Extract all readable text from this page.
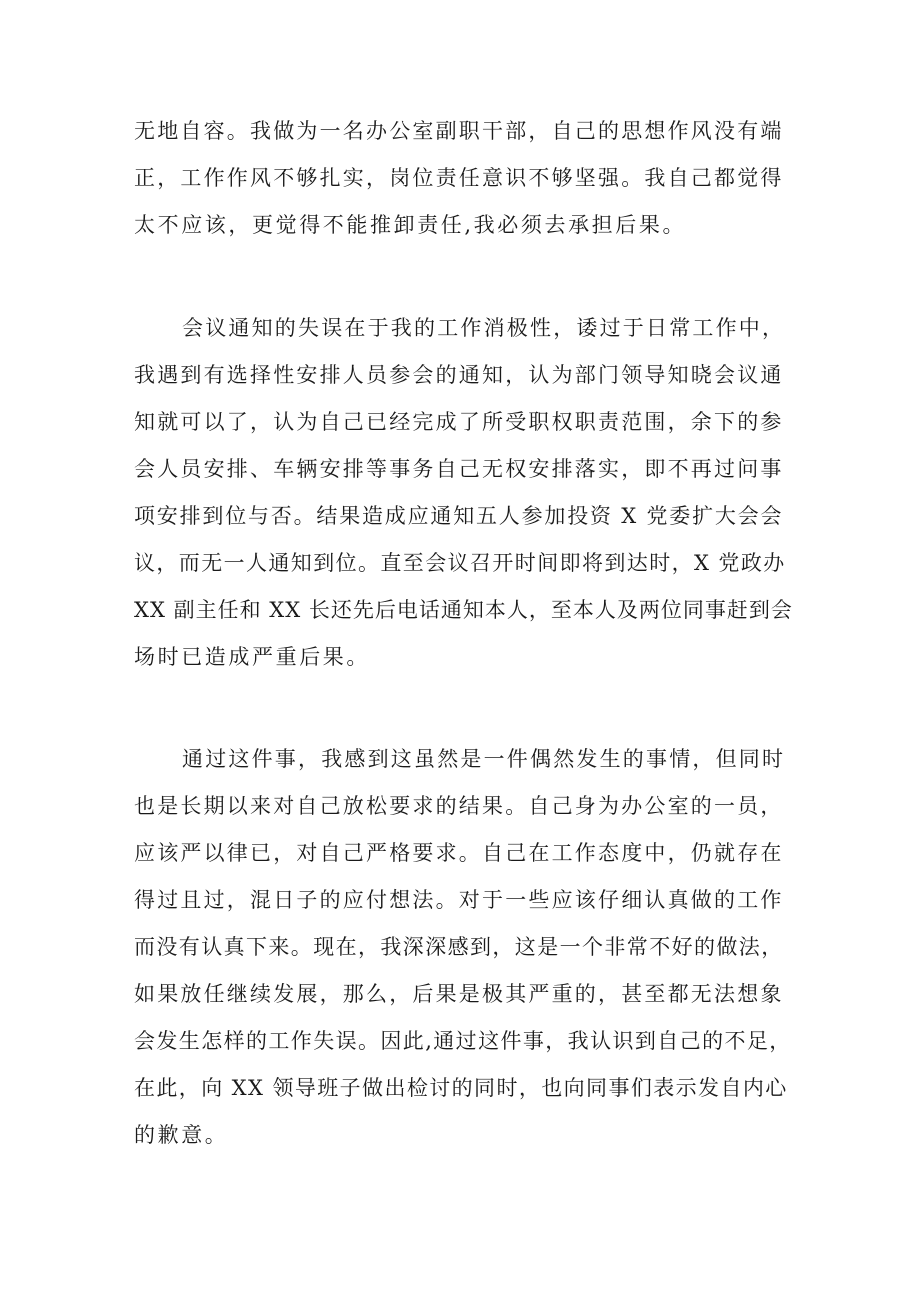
无地自容。我做为一名办公室副职干部，自己的思想作风没有端
正，工作作风不够扎实，岗位责任意识不够坚强。我自己都觉得
太不应该，更觉得不能推卸责任,我必须去承担后果。
会议通知的失误在于我的工作消极性，诿过于日常工作中，
我遇到有选择性安排人员参会的通知，认为部门领导知晓会议通
知就可以了，认为自己已经完成了所受职权职责范围，余下的参
会人员安排、车辆安排等事务自己无权安排落实，即不再过问事
项安排到位与否。结果造成应通知五人参加投资 X 党委扩大会会
议，而无一人通知到位。直至会议召开时间即将到达时，X 党政办
XX 副主任和 XX 长还先后电话通知本人，至本人及两位同事赶到会
场时已造成严重后果。
通过这件事，我感到这虽然是一件偶然发生的事情，但同时
也是长期以来对自己放松要求的结果。自己身为办公室的一员，
应该严以律已，对自己严格要求。自己在工作态度中，仍就存在
得过且过，混日子的应付想法。对于一些应该仔细认真做的工作
而没有认真下来。现在，我深深感到，这是一个非常不好的做法，
如果放任继续发展，那么，后果是极其严重的，甚至都无法想象
会发生怎样的工作失误。因此,通过这件事，我认识到自己的不足，
在此，向 XX 领导班子做出检讨的同时，也向同事们表示发自内心
的歉意。
